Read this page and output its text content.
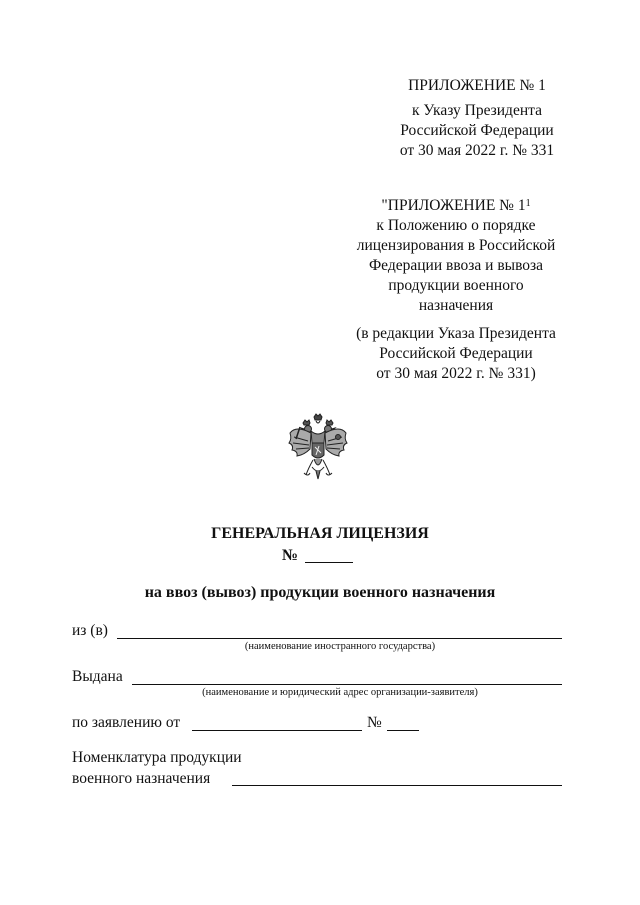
ПРИЛОЖЕНИЕ № 1
к Указу Президента
Российской Федерации
от 30 мая 2022 г. № 331
"ПРИЛОЖЕНИЕ № $1^1$
к Положению о порядке
лицензирования в Российской
Федерации ввоза и вывоза
продукции военного
назначения
(в редакции Указа Президента
Российской Федерации
от 30 мая 2022 г. № 331)
ГЕНЕРАЛЬНАЯ ЛИЦЕНЗИЯ
№
на ввоз (вывоз) продукции военного назначения
из (в)
(наименование иностранного государства)
Выдана
(наименование и юридический адрес организации-заявителя)
по заявлению от	№
Номенклатура продукции
военного назначения
